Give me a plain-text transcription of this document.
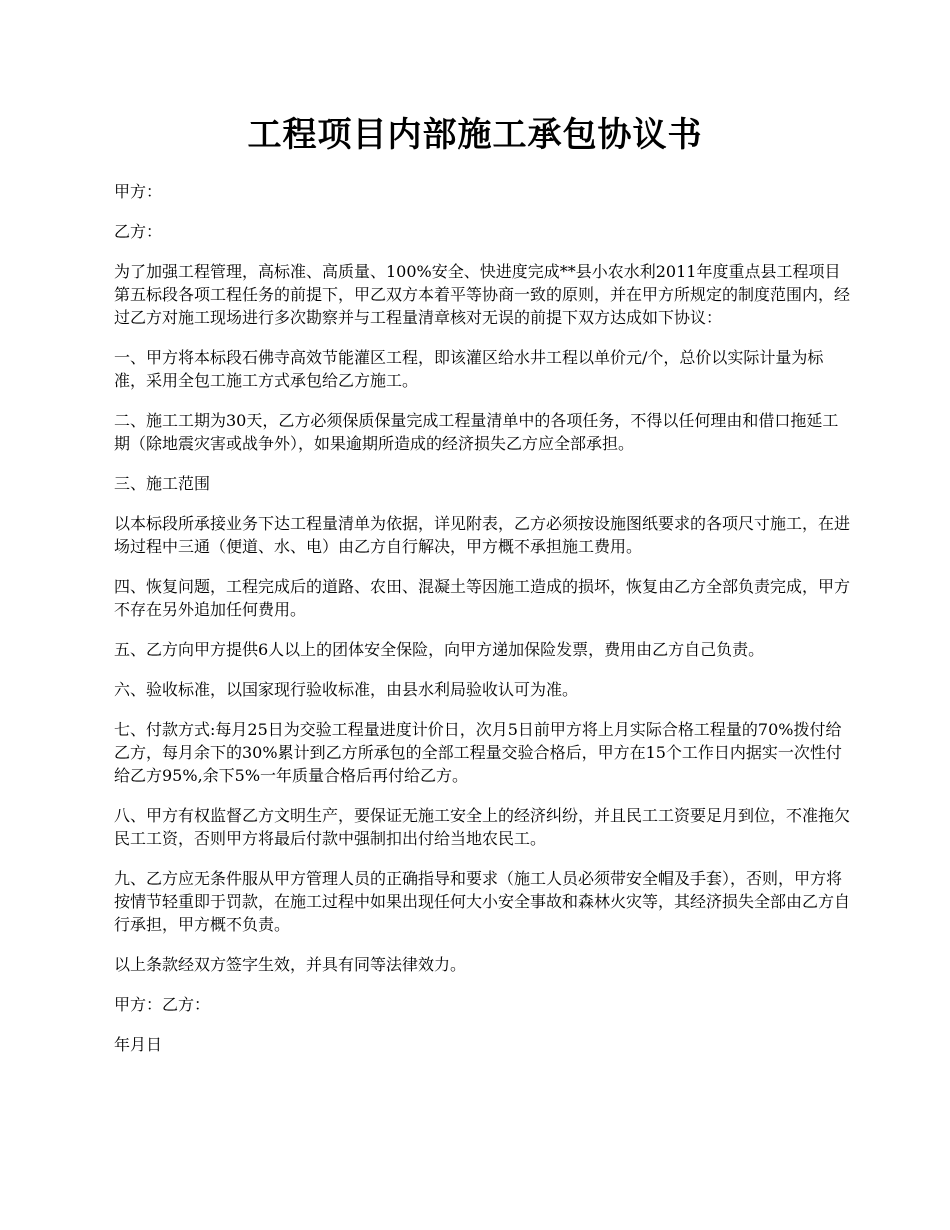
工程项目内部施工承包协议书

甲方：

乙方：

为了加强工程管理，高标准、高质量、100%安全、快进度完成**县小农水利2011年度重点县工程项目第五标段各项工程任务的前提下，甲乙双方本着平等协商一致的原则，并在甲方所规定的制度范围内，经过乙方对施工现场进行多次勘察并与工程量清章核对无误的前提下双方达成如下协议：

一、甲方将本标段石佛寺高效节能灌区工程，即该灌区给水井工程以单价元/个，总价以实际计量为标准，采用全包工施工方式承包给乙方施工。

二、施工工期为30天，乙方必须保质保量完成工程量清单中的各项任务，不得以任何理由和借口拖延工期（除地震灾害或战争外），如果逾期所造成的经济损失乙方应全部承担。

三、施工范围

以本标段所承接业务下达工程量清单为依据，详见附表，乙方必须按设施图纸要求的各项尺寸施工，在进场过程中三通（便道、水、电）由乙方自行解决，甲方概不承担施工费用。

四、恢复问题，工程完成后的道路、农田、混凝土等因施工造成的损坏，恢复由乙方全部负责完成，甲方不存在另外追加任何费用。

五、乙方向甲方提供6人以上的团体安全保险，向甲方递加保险发票，费用由乙方自己负责。

六、验收标准，以国家现行验收标准，由县水利局验收认可为准。

七、付款方式:每月25日为交验工程量进度计价日，次月5日前甲方将上月实际合格工程量的70%拨付给乙方，每月余下的30%累计到乙方所承包的全部工程量交验合格后，甲方在15个工作日内据实一次性付给乙方95%,余下5%一年质量合格后再付给乙方。

八、甲方有权监督乙方文明生产，要保证无施工安全上的经济纠纷，并且民工工资要足月到位，不准拖欠民工工资，否则甲方将最后付款中强制扣出付给当地农民工。

九、乙方应无条件服从甲方管理人员的正确指导和要求（施工人员必须带安全帽及手套），否则，甲方将按情节轻重即于罚款，在施工过程中如果出现任何大小安全事故和森林火灾等，其经济损失全部由乙方自行承担，甲方概不负责。

以上条款经双方签字生效，并具有同等法律效力。

甲方：乙方：

年月日
